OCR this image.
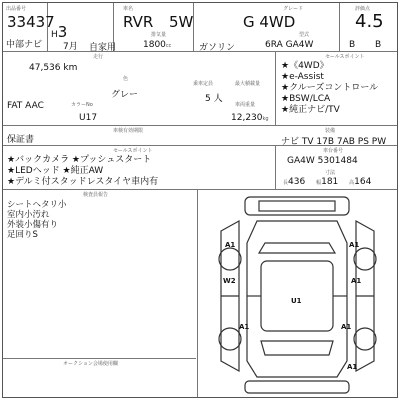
出品番号
33437
中部ナビ
H3
7月 自家用
車名
RVR 5W
排気量
1800cc	ガソリン
グレード
G 4WD
型式
6RA GA4W
評価点
4.5
B B
走行
47,536 km
色
グレー
乗車定員
5 人
FAT AAC	カラーNo
U17
最大積載量
車両重量
12,230kg
車検有効期限
保証書
セールスポイント
★《4WD》
★e-Assist
★クルーズコントロール
★BSW/LCA
★純正ナビ/TV
装備
ナビ TV 17B 7AB PS PW
セールスポイント
★バックカメラ ★プッシュスタート
★LEDヘッド ★純正AW
★デルミ付スタッドレスタイヤ車内有
車台番号
GA4W 5301484
寸法
長436 幅181 高164
検査員報告
シートヘタリ小
室内小汚れ
外装小傷有り
足回りS
オークション会場使用欄
A1	A1
W2	A1
U1
A1	A1
A1
